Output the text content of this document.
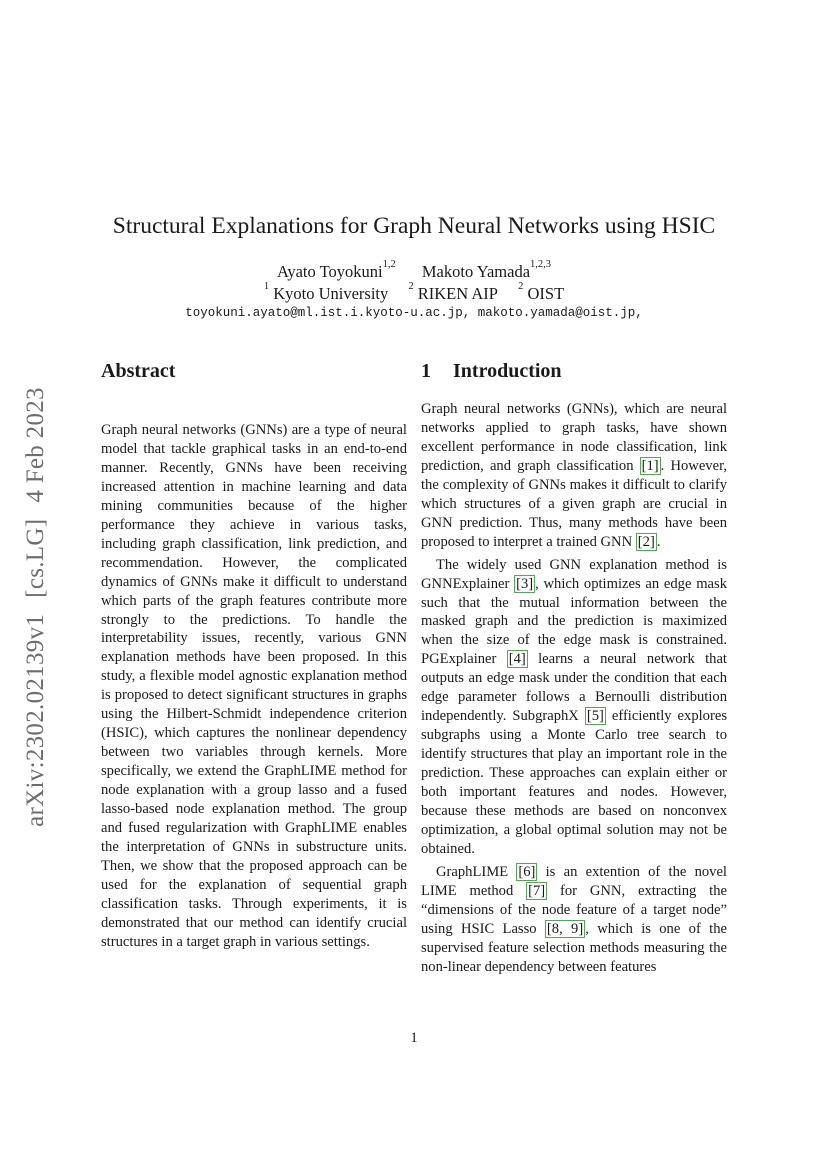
arXiv:2302.02139v1[cs.LG]4 Feb 2023
Structural Explanations for Graph Neural Networks using HSIC
Ayato Toyokuni$^{1,2}$ Makoto Yamada$^{1,2,3}$
$^1$ Kyoto University $^2$ RIKEN AIP $^2$ OIST
toyokuni.ayato@ml.ist.i.kyoto-u.ac.jp, makoto.yamada@oist.jp,
Abstract

Graph neural networks (GNNs) are a type of neural model that tackle graphical tasks in an end-to-end manner. Recently, GNNs have been receiving increased attention in machine learning and data mining communities because of the higher performance they achieve in various tasks, including graph classification, link prediction, and recommendation. However, the complicated dynamics of GNNs make it difficult to understand which parts of the graph features contribute more strongly to the predictions. To handle the interpretability issues, recently, various GNN explanation methods have been proposed. In this study, a flexible model agnostic explanation method is proposed to detect significant structures in graphs using the Hilbert-Schmidt independence criterion (HSIC), which captures the nonlinear dependency between two variables through kernels. More specifically, we extend the GraphLIME method for node explanation with a group lasso and a fused lasso-based node explanation method. The group and fused regularization with GraphLIME enables the interpretation of GNNs in substructure units. Then, we show that the proposed approach can be used for the explanation of sequential graph classification tasks. Through experiments, it is demonstrated that our method can identify crucial structures in a target graph in various settings.

1 Introduction

Graph neural networks (GNNs), which are neural networks applied to graph tasks, have shown excellent performance in node classification, link prediction, and graph classification [1] . However, the complexity of GNNs makes it difficult to clarify which structures of a given graph are crucial in GNN prediction. Thus, many methods have been proposed to interpret a trained GNN [2] .

The widely used GNN explanation method is GNNExplainer [3] , which optimizes an edge mask such that the mutual information between the masked graph and the prediction is maximized when the size of the edge mask is constrained. PGExplainer [4] learns a neural network that outputs an edge mask under the condition that each edge parameter follows a Bernoulli distribution independently. SubgraphX [5] efficiently explores subgraphs using a Monte Carlo tree search to identify structures that play an important role in the prediction. These approaches can explain either or both important features and nodes. However, because these methods are based on nonconvex optimization, a global optimal solution may not be obtained.

GraphLIME [6] is an extention of the novel LIME method [7] for GNN, extracting the “dimensions of the node feature of a target node” using HSIC Lasso [8, 9] , which is one of the supervised feature selection methods measuring the non-linear dependency between features

1
